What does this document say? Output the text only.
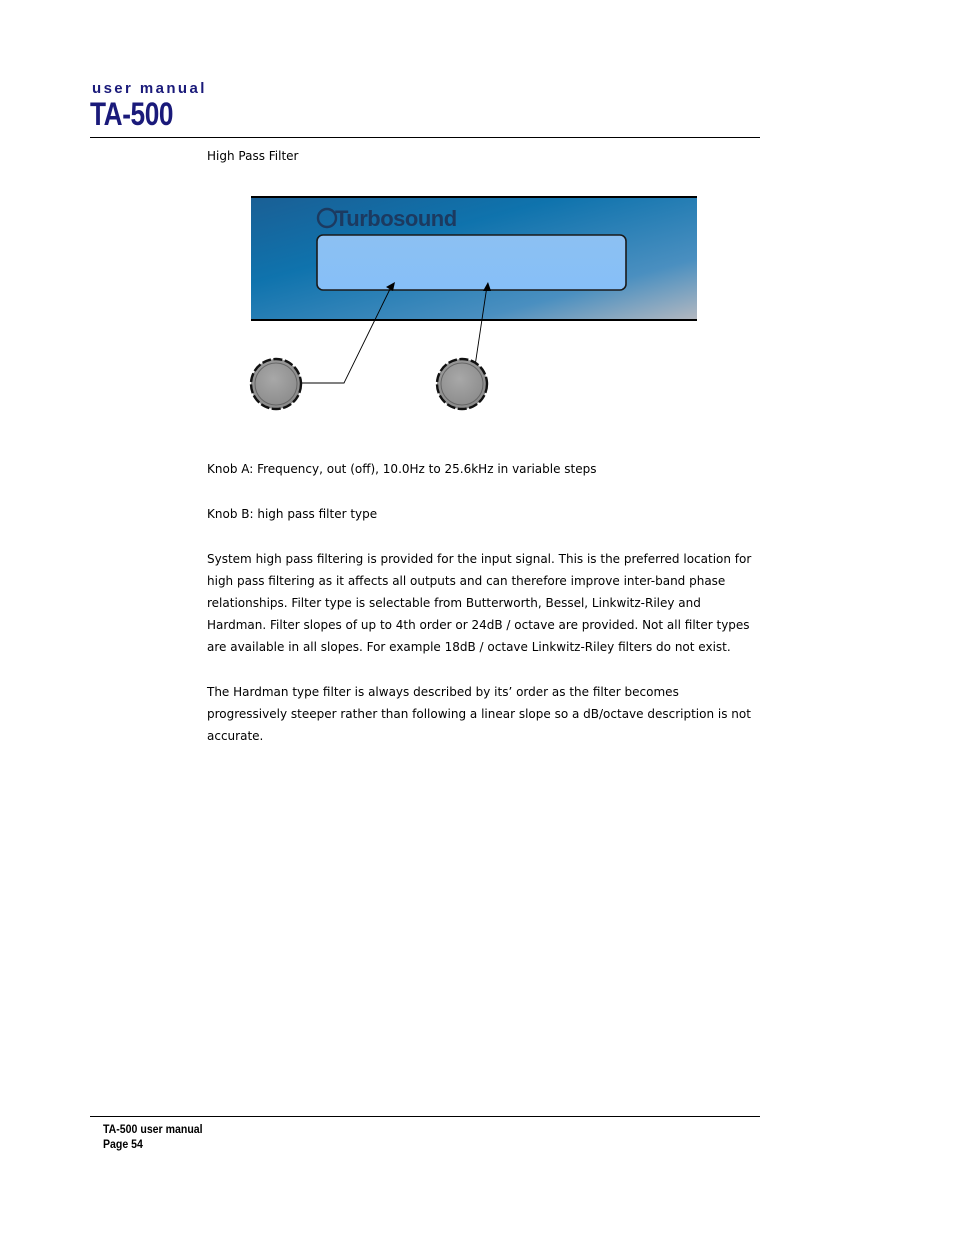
user manual
TA-500
High Pass Filter
Turbosound

Knob A: Frequency, out (off), 10.0Hz to 25.6kHz in variable steps

Knob B: high pass filter type

System high pass filtering is provided for the input signal. This is the preferred location for high pass filtering as it affects all outputs and can therefore improve inter-band phase relationships. Filter type is selectable from Butterworth, Bessel, Linkwitz-Riley and Hardman. Filter slopes of up to 4th order or 24dB / octave are provided. Not all filter types are available in all slopes. For example 18dB / octave Linkwitz-Riley filters do not exist.

The Hardman type filter is always described by its’ order as the filter becomes progressively steeper rather than following a linear slope so a dB/octave description is not accurate.

TA-500 user manual
Page 54
